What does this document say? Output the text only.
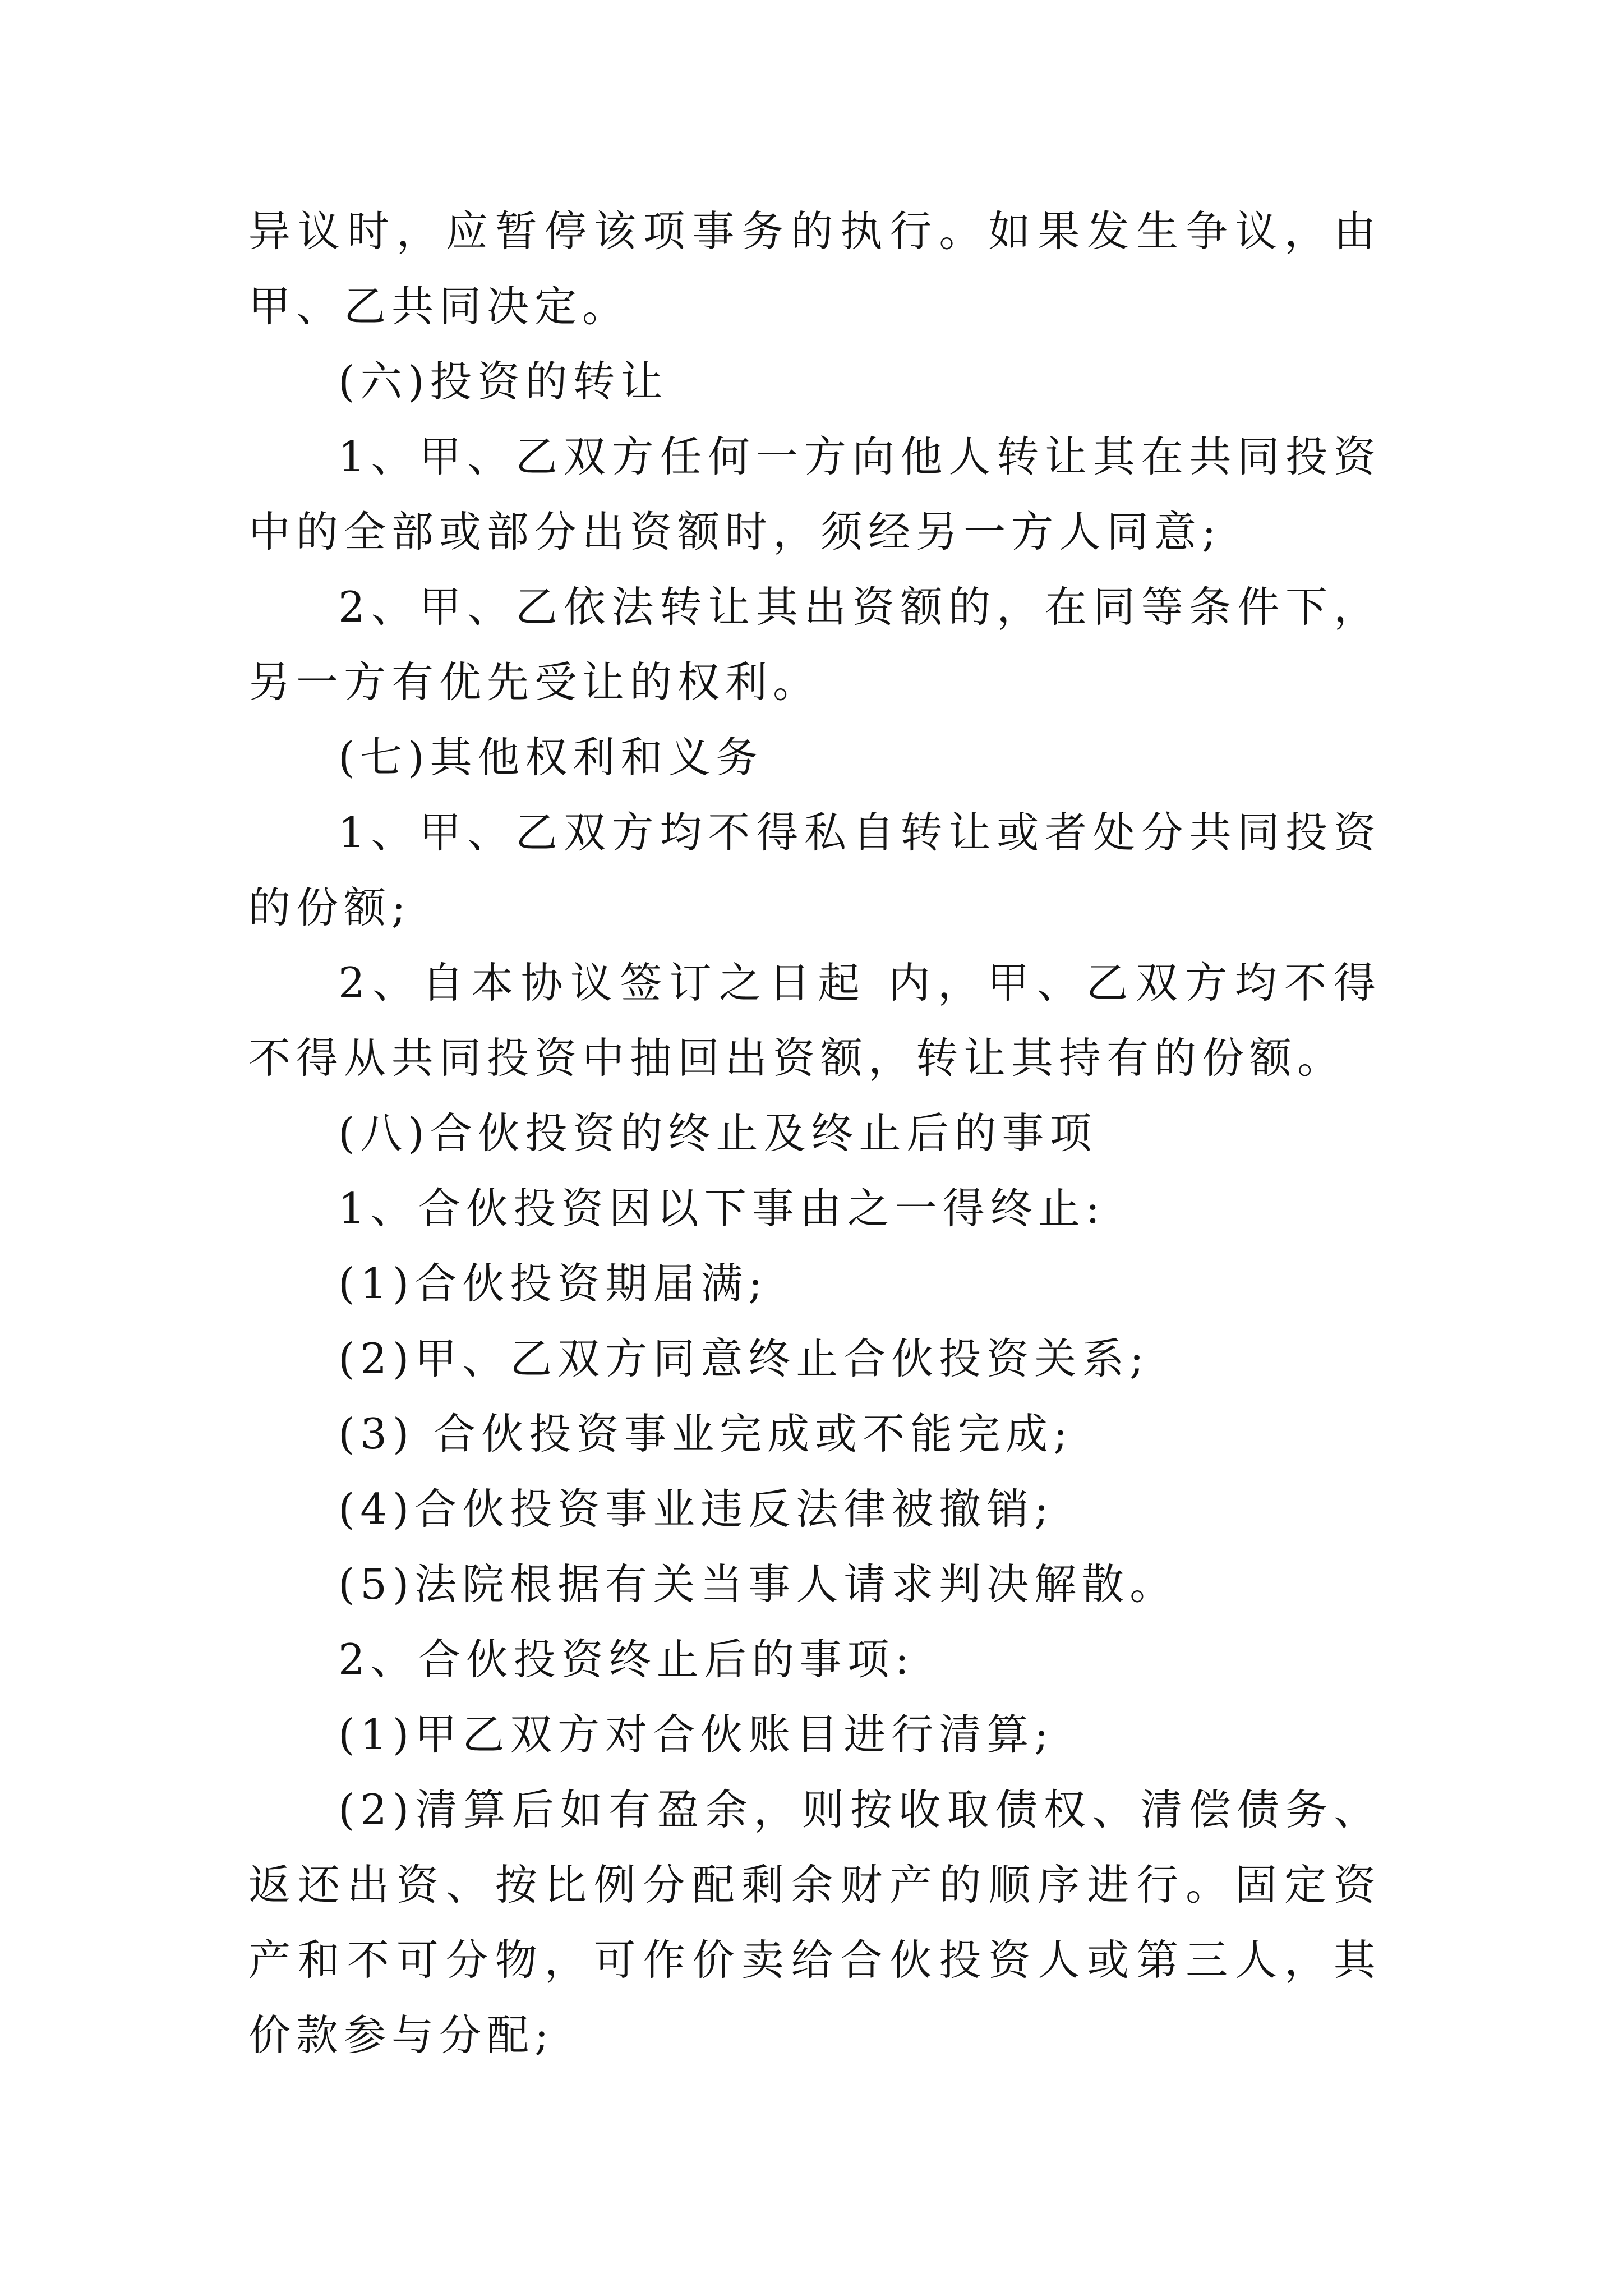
异议时，应暂停该项事务的执行。如果发生争议，由甲、乙共同决定。

(六)投资的转让

1、甲、乙双方任何一方向他人转让其在共同投资中的全部或部分出资额时，须经另一方人同意;

2、甲、乙依法转让其出资额的，在同等条件下，另一方有优先受让的权利。

(七)其他权利和义务

1、甲、乙双方均不得私自转让或者处分共同投资的份额;

2、自本协议签订之日起 内，甲、乙双方均不得不得从共同投资中抽回出资额，转让其持有的份额。

(八)合伙投资的终止及终止后的事项

1、合伙投资因以下事由之一得终止:

(1)合伙投资期届满;

(2)甲、乙双方同意终止合伙投资关系;

(3) 合伙投资事业完成或不能完成;

(4)合伙投资事业违反法律被撤销;

(5)法院根据有关当事人请求判决解散。

2、合伙投资终止后的事项:

(1)甲乙双方对合伙账目进行清算;

(2)清算后如有盈余，则按收取债权、清偿债务、返还出资、按比例分配剩余财产的顺序进行。固定资产和不可分物，可作价卖给合伙投资人或第三人，其价款参与分配;
